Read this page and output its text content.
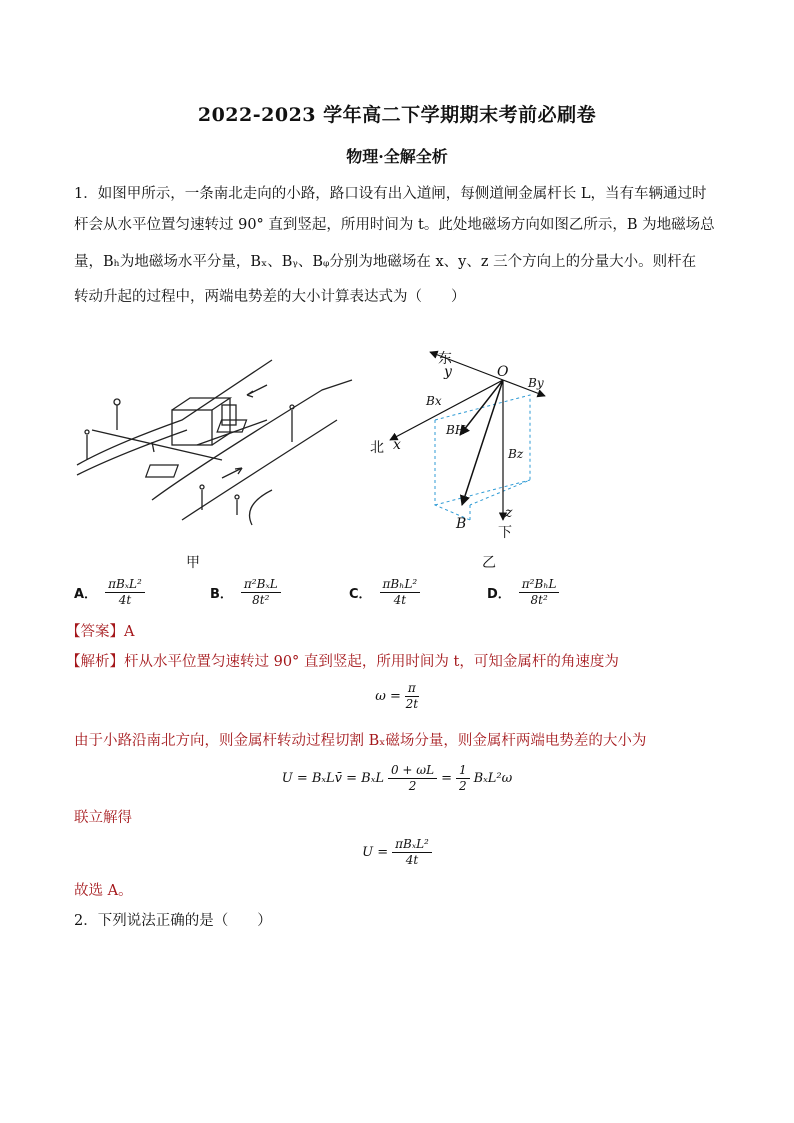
2022-2023 学年高二下学期期末考前必刷卷
物理·全解全析
1．如图甲所示，一条南北走向的小路，路口设有出入道闸，每侧道闸金属杆长 L，当有车辆通过时
杆会从水平位置匀速转过 90° 直到竖起，所用时间为 t。此处地磁场方向如图乙所示，B 为地磁场总
量，Bₕ为地磁场水平分量，Bₓ、Bᵧ、Bᵩ分别为地磁场在 x、y、z 三个方向上的分量大小。则杆在
转动升起的过程中，两端电势差的大小计算表达式为（　　）
甲
东
y	O
By
Bx
BH
北 x
Bz
z
B
下
乙
A． $\frac{\text{πBₓL²}}{4t}$	B． $\frac{\text{π²BₓL}}{\text{8t²}}$	C． $\frac{\text{πBₕL²}}{4t}$	D． $\frac{\text{π²BₕL}}{\text{8t²}}$
【答案】A
【解析】杆从水平位置匀速转过 90° 直到竖起，所用时间为 t，可知金属杆的角速度为
$\omega = \frac{\pi}{2t}$
由于小路沿南北方向，则金属杆转动过程切割 Bₓ磁场分量，则金属杆两端电势差的大小为
U = BₓLv̄ = BₓL $\frac{0 + \omega L}{2} = \frac{1}{2} B_xL^2\omega$
联立解得
$U = \frac{\text{πBₓL²}}{4t}$
故选 A。
2．下列说法正确的是（　　）
